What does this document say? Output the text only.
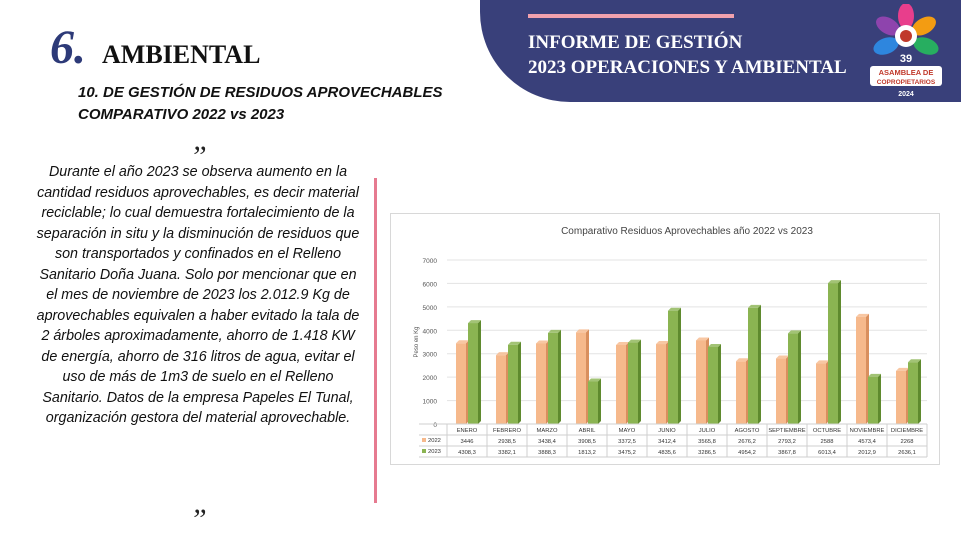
INFORME DE GESTIÓN
2023 OPERACIONES Y AMBIENTAL	39
ASAMBLEA DE
COPROPIETARIOS
2024
6. AMBIENTAL
10. DE GESTIÓN DE RESIDUOS APROVECHABLES
COMPARATIVO 2022 vs 2023
”

Durante el año 2023 se observa aumento en la cantidad residuos aprovechables, es decir material reciclable; lo cual demuestra fortalecimiento de la separación in situ y la disminución de residuos que son transportados y confinados en el Relleno Sanitario Doña Juana. Solo por mencionar que en el mes de noviembre de 2023 los 2.012.9 Kg de aprovechables equivalen a haber evitado la tala de 2 árboles aproximadamente, ahorro de 1.418 KW de energía, ahorro de 316 litros de agua, evitar el uso de más de 1m3 de suelo en el Relleno Sanitario. Datos de la empresa Papeles El Tunal, organización gestora del material aprovechable.

”
Comparativo Residuos Aprovechables año 2022 vs 2023
Peso en Kg
0
1000
2000
3000
4000
5000
6000
7000
ENERO
3446
4308,3
FEBRERO
2938,5
3382,1
MARZO
3438,4
3888,3
ABRIL
3908,5
1813,2
MAYO
3372,5
3475,2
JUNIO
3412,4
4835,6
JULIO
3565,8
3286,5
AGOSTO
2676,2
4954,2
SEPTIEMBRE
2793,2
3867,8
OCTUBRE
2588
6013,4
NOVIEMBRE
4573,4
2012,9
DICIEMBRE
2268
2636,1
2022
2023
